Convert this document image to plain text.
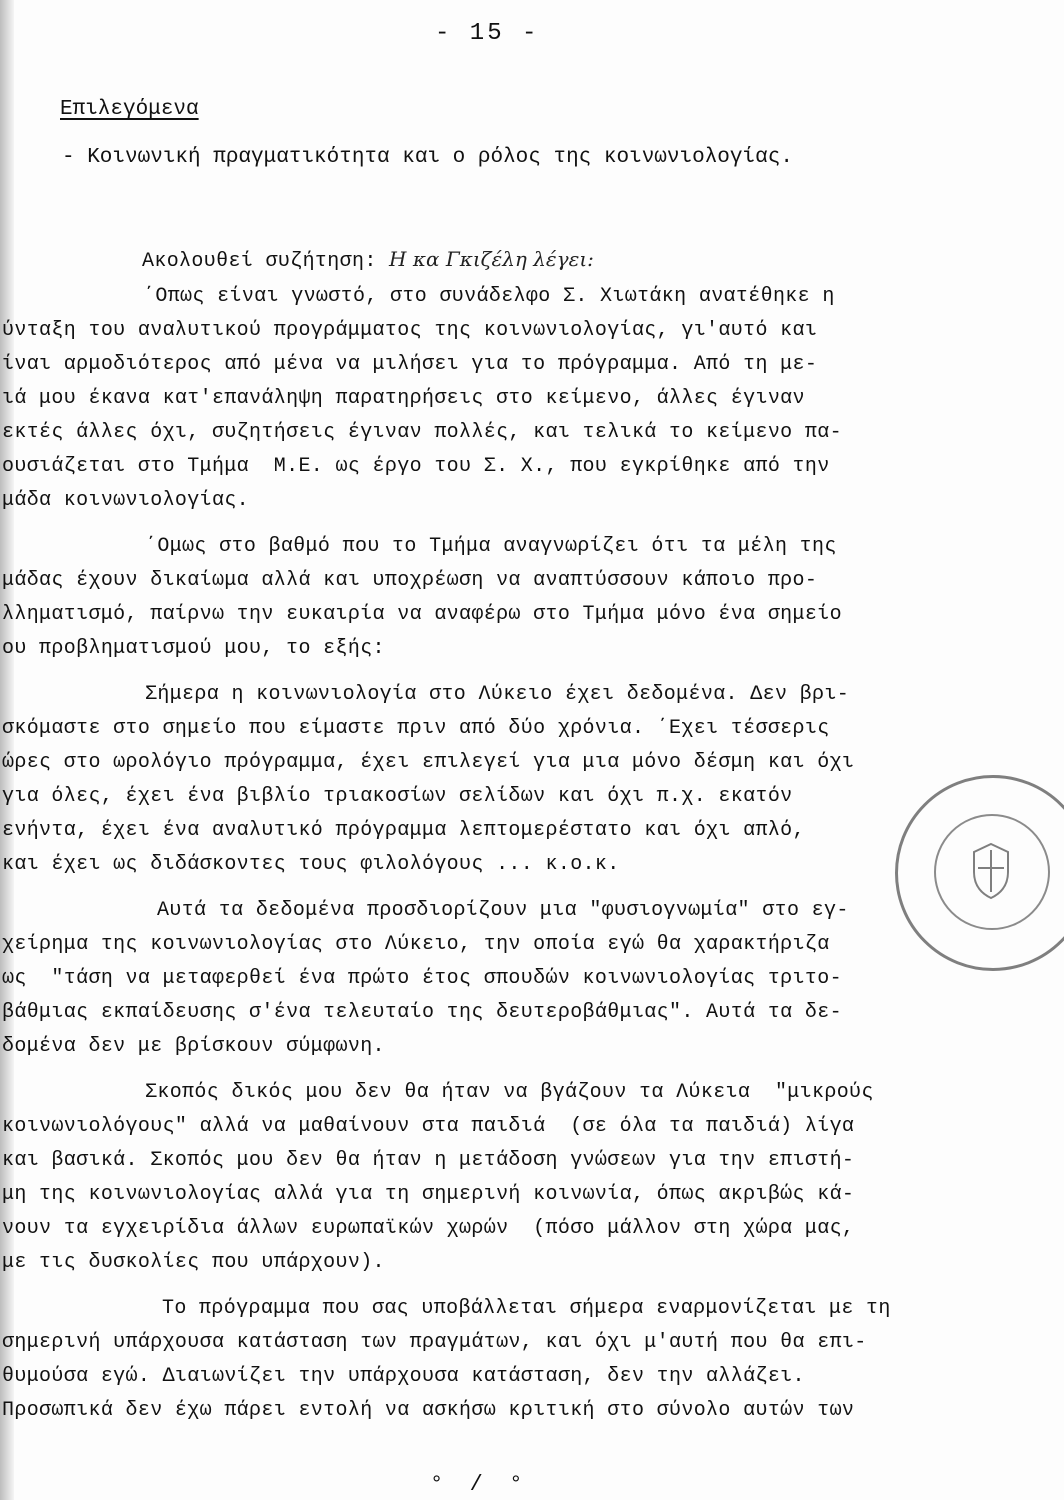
- 15 -
Επιλεγόμενα
- Κοινωνική πραγματικότητα και ο ρόλος της κοινωνιολογίας.
Ακολουθεί συζήτηση: Η κα Γκιζέλη λέγει:
΄Οπως είναι γνωστό, στο συνάδελφο Σ. Χιωτάκη ανατέθηκε η
ύνταξη του αναλυτικού προγράμματος της κοινωνιολογίας, γι'αυτό και
ίναι αρμοδιότερος από μένα να μιλήσει για το πρόγραμμα. Από τη με-
ιά μου έκανα κατ'επανάληψη παρατηρήσεις στο κείμενο, άλλες έγιναν
εκτές άλλες όχι, συζητήσεις έγιναν πολλές, και τελικά το κείμενο πα-
ουσιάζεται στο Τμήμα  Μ.Ε. ως έργο του Σ. Χ., που εγκρίθηκε από την
μάδα κοινωνιολογίας.
΄Ομως στο βαθμό που το Τμήμα αναγνωρίζει ότι τα μέλη της
μάδας έχουν δικαίωμα αλλά και υποχρέωση να αναπτύσσουν κάποιο προ-
λληματισμό, παίρνω την ευκαιρία να αναφέρω στο Τμήμα μόνο ένα σημείο
ου προβληματισμού μου, το εξής:
Σήμερα η κοινωνιολογία στο Λύκειο έχει δεδομένα. Δεν βρι-
σκόμαστε στο σημείο που είμαστε πριν από δύο χρόνια. ΄Εχει τέσσερις
ώρες στο ωρολόγιο πρόγραμμα, έχει επιλεγεί για μια μόνο δέσμη και όχι
για όλες, έχει ένα βιβλίο τριακοσίων σελίδων και όχι π.χ. εκατόν
ενήντα, έχει ένα αναλυτικό πρόγραμμα λεπτομερέστατο και όχι απλό,
και έχει ως διδάσκοντες τους φιλολόγους ... κ.ο.κ.
Αυτά τα δεδομένα προσδιορίζουν μια "φυσιογνωμία" στο εγ-
χείρημα της κοινωνιολογίας στο Λύκειο, την οποία εγώ θα χαρακτήριζα
ως  "τάση να μεταφερθεί ένα πρώτο έτος σπουδών κοινωνιολογίας τριτο-
βάθμιας εκπαίδευσης σ'ένα τελευταίο της δευτεροβάθμιας". Αυτά τα δε-
δομένα δεν με βρίσκουν σύμφωνη.
Σκοπός δικός μου δεν θα ήταν να βγάζουν τα Λύκεια  "μικρούς
κοινωνιολόγους" αλλά να μαθαίνουν στα παιδιά  (σε όλα τα παιδιά) λίγα
και βασικά. Σκοπός μου δεν θα ήταν η μετάδοση γνώσεων για την επιστή-
μη της κοινωνιολογίας αλλά για τη σημερινή κοινωνία, όπως ακριβώς κά-
νουν τα εγχειρίδια άλλων ευρωπαϊκών χωρών  (πόσο μάλλον στη χώρα μας,
με τις δυσκολίες που υπάρχουν).
Το πρόγραμμα που σας υποβάλλεται σήμερα εναρμονίζεται με τη
σημερινή υπάρχουσα κατάσταση των πραγμάτων, και όχι μ'αυτή που θα επι-
θυμούσα εγώ. Διαιωνίζει την υπάρχουσα κατάσταση, δεν την αλλάζει.
Προσωπικά δεν έχω πάρει εντολή να ασκήσω κριτική στο σύνολο αυτών των
°  /  °
